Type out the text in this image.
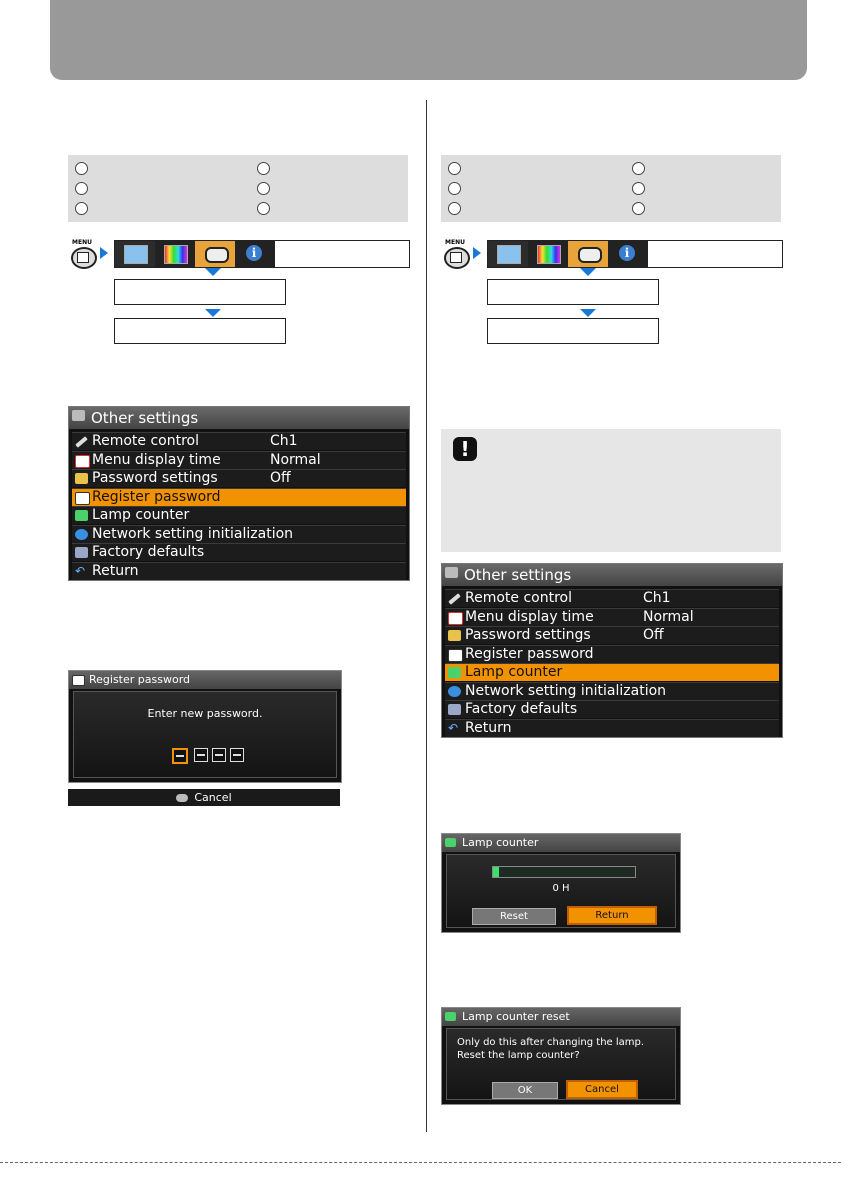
MENU
i
Other settings
Remote control	Ch1
Menu display time	Normal
Password settings	Off
Register password
Lamp counter
Network setting initialization
Factory defaults
↶ Return
Register password
Enter new password.
Cancel
MENU
i
!
Other settings
Remote control	Ch1
Menu display time	Normal
Password settings	Off
Register password
Lamp counter
Network setting initialization
Factory defaults
↶ Return
Lamp counter
0 H
Reset	Return
Lamp counter reset
Only do this after changing the lamp.
Reset the lamp counter?
OK	Cancel
